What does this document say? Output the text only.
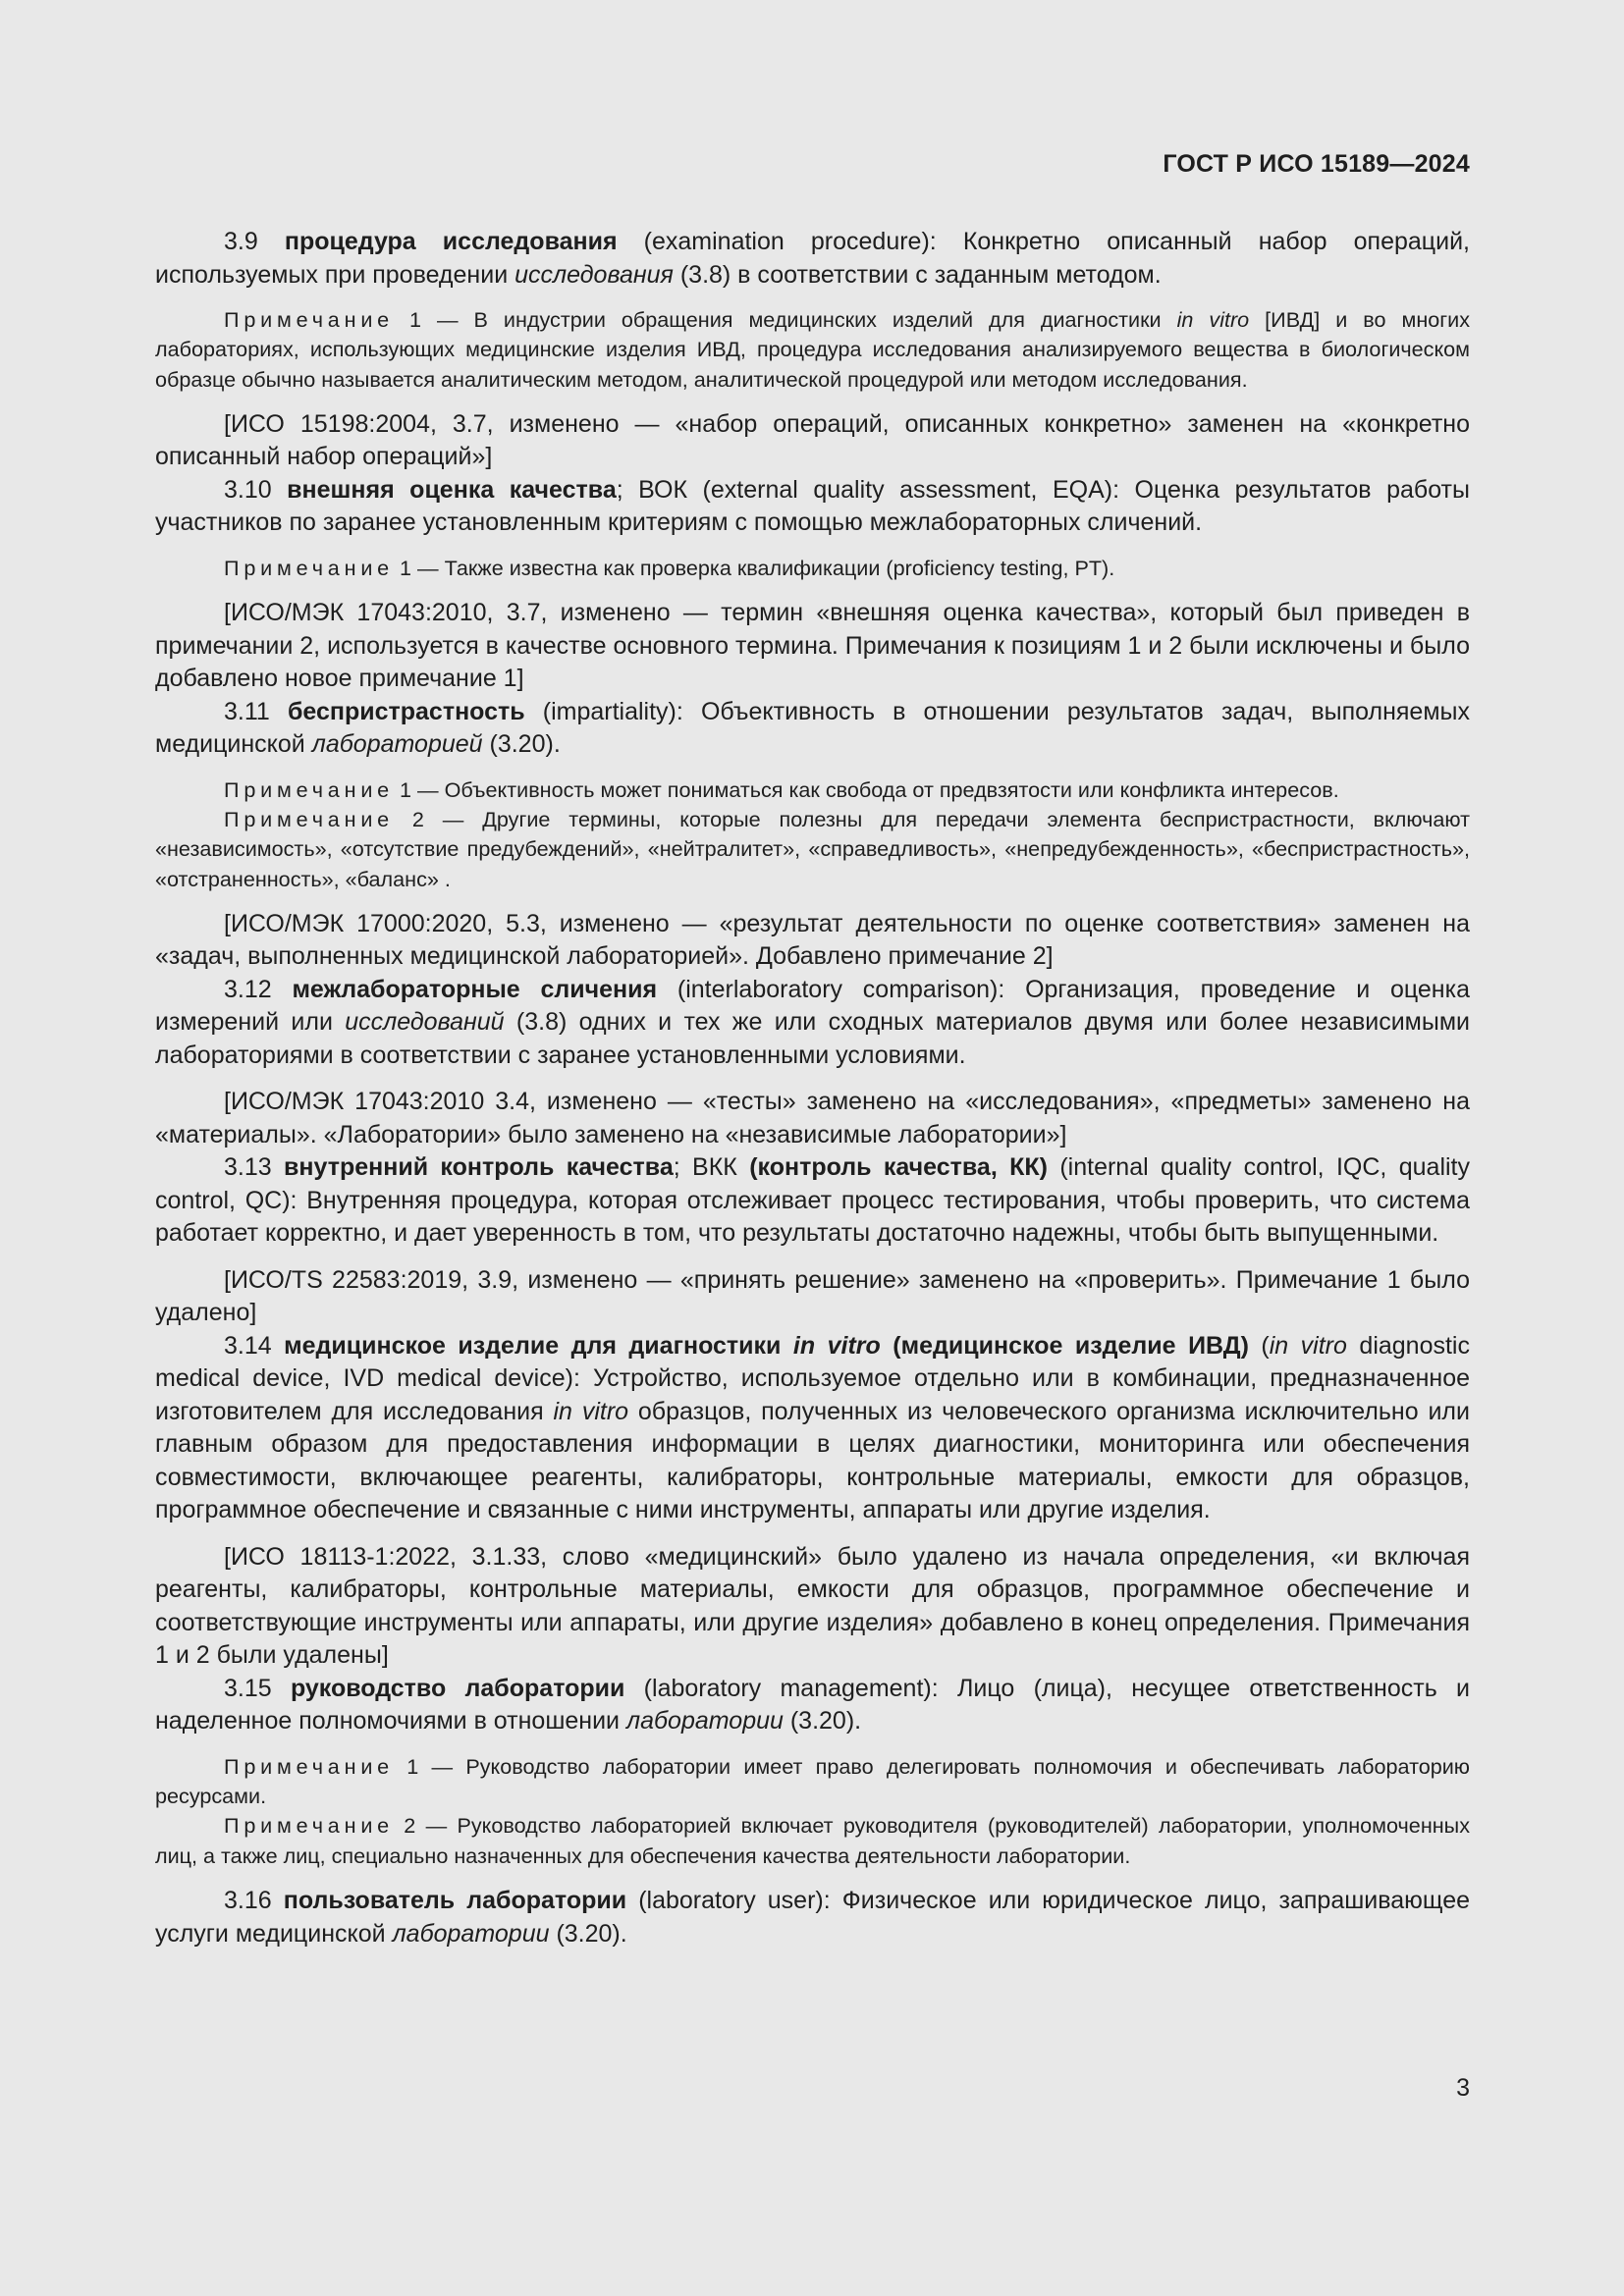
ГОСТ Р ИСО 15189—2024

3.9 процедура исследования (examination procedure): Конкретно описанный набор операций, используемых при проведении исследования (3.8) в соответствии с заданным методом.

Примечание 1 — В индустрии обращения медицинских изделий для диагностики in vitro [ИВД] и во многих лабораториях, использующих медицинские изделия ИВД, процедура исследования анализируемого вещества в биологическом образце обычно называется аналитическим методом, аналитической процедурой или методом исследования.

[ИСО 15198:2004, 3.7, изменено — «набор операций, описанных конкретно» заменен на «конкретно описанный набор операций»]

3.10 внешняя оценка качества; ВОК (external quality assessment, EQA): Оценка результатов работы участников по заранее установленным критериям с помощью межлабораторных сличений.

Примечание 1 — Также известна как проверка квалификации (proficiency testing, PT).

[ИСО/МЭК 17043:2010, 3.7, изменено — термин «внешняя оценка качества», который был приведен в примечании 2, используется в качестве основного термина. Примечания к позициям 1 и 2 были исключены и было добавлено новое примечание 1]

3.11 беспристрастность (impartiality): Объективность в отношении результатов задач, выполняемых медицинской лабораторией (3.20).

Примечание 1 — Объективность может пониматься как свобода от предвзятости или конфликта интересов.

Примечание 2 — Другие термины, которые полезны для передачи элемента беспристрастности, включают «независимость», «отсутствие предубеждений», «нейтралитет», «справедливость», «непредубежденность», «беспристрастность», «отстраненность», «баланс» .

[ИСО/МЭК 17000:2020, 5.3, изменено — «результат деятельности по оценке соответствия» заменен на «задач, выполненных медицинской лабораторией». Добавлено примечание 2]

3.12 межлабораторные сличения (interlaboratory comparison): Организация, проведение и оценка измерений или исследований (3.8) одних и тех же или сходных материалов двумя или более независимыми лабораториями в соответствии с заранее установленными условиями.

[ИСО/МЭК 17043:2010 3.4, изменено — «тесты» заменено на «исследования», «предметы» заменено на «материалы». «Лаборатории» было заменено на «независимые лаборатории»]

3.13 внутренний контроль качества; ВКК (контроль качества, КК) (internal quality control, IQC, quality control, QC): Внутренняя процедура, которая отслеживает процесс тестирования, чтобы проверить, что система работает корректно, и дает уверенность в том, что результаты достаточно надежны, чтобы быть выпущенными.

[ИСО/TS 22583:2019, 3.9, изменено — «принять решение» заменено на «проверить». Примечание 1 было удалено]

3.14 медицинское изделие для диагностики in vitro (медицинское изделие ИВД) (in vitro diagnostic medical device, IVD medical device): Устройство, используемое отдельно или в комбинации, предназначенное изготовителем для исследования in vitro образцов, полученных из человеческого организма исключительно или главным образом для предоставления информации в целях диагностики, мониторинга или обеспечения совместимости, включающее реагенты, калибраторы, контрольные материалы, емкости для образцов, программное обеспечение и связанные с ними инструменты, аппараты или другие изделия.

[ИСО 18113-1:2022, 3.1.33, слово «медицинский» было удалено из начала определения, «и включая реагенты, калибраторы, контрольные материалы, емкости для образцов, программное обеспечение и соответствующие инструменты или аппараты, или другие изделия» добавлено в конец определения. Примечания 1 и 2 были удалены]

3.15 руководство лаборатории (laboratory management): Лицо (лица), несущее ответственность и наделенное полномочиями в отношении лаборатории (3.20).

Примечание 1 — Руководство лаборатории имеет право делегировать полномочия и обеспечивать лабораторию ресурсами.

Примечание 2 — Руководство лабораторией включает руководителя (руководителей) лаборатории, уполномоченных лиц, а также лиц, специально назначенных для обеспечения качества деятельности лаборатории.

3.16 пользователь лаборатории (laboratory user): Физическое или юридическое лицо, запрашивающее услуги медицинской лаборатории (3.20).

3
